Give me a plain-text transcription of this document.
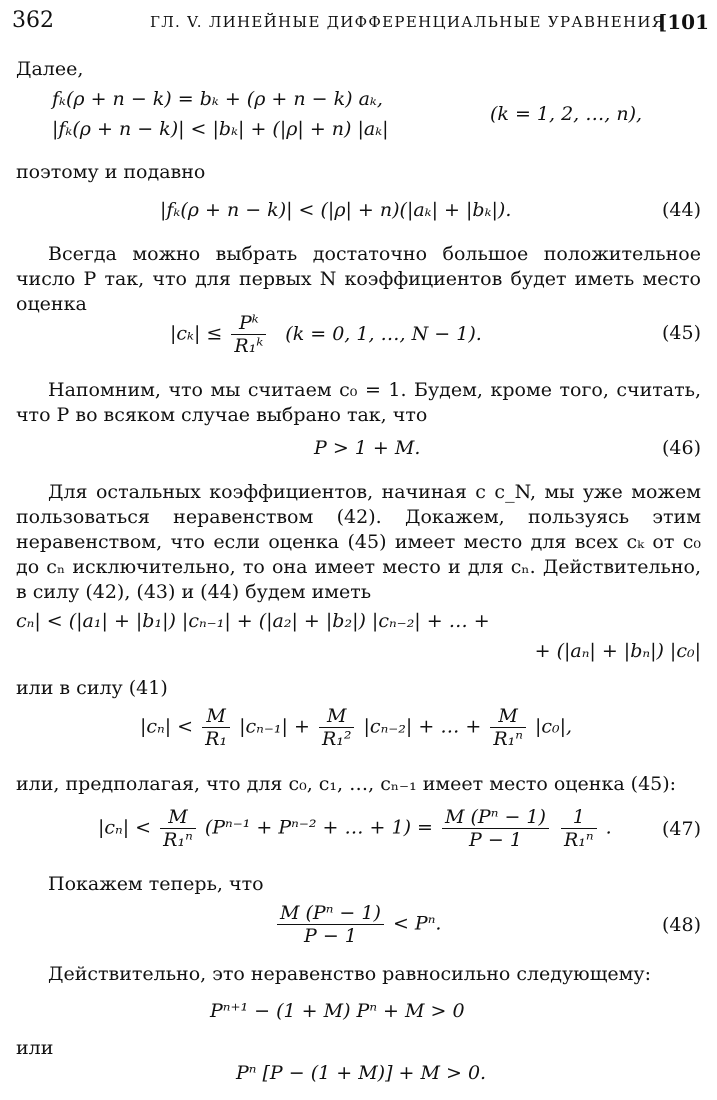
362	ГЛ. V. ЛИНЕЙНЫЕ ДИФФЕРЕНЦИАЛЬНЫЕ УРАВНЕНИЯ
[101
Далее,
fₖ(ρ + n − k) = bₖ + (ρ + n − k) aₖ,
|fₖ(ρ + n − k)| < |bₖ| + (|ρ| + n) |aₖ|
(k = 1, 2, …, n),
поэтому и подавно
|fₖ(ρ + n − k)| < (|ρ| + n)(|aₖ| + |bₖ|).	(44)
Всегда можно выбрать достаточно большое положительное число P так, что для первых N коэффициентов будет иметь место оценка
$|c_k| \le \frac{\text{Pᵏ}}{\text{R₁ᵏ}} (k = 0$, 1, …, N − 1).	(45)
Напомним, что мы считаем c₀ = 1. Будем, кроме того, считать, что P во всяком случае выбрано так, что
P > 1 + M.	(46)
Для остальных коэффициентов, начиная с c_N, мы уже можем пользоваться неравенством (42). Докажем, пользуясь этим неравенством, что если оценка (45) имеет место для всех cₖ от c₀ до cₙ исключительно, то она имеет место и для cₙ. Действительно, в силу (42), (43) и (44) будем иметь
cₙ| < (|a₁| + |b₁|) |cₙ₋₁| + (|a₂| + |b₂|) |cₙ₋₂| + … +
+ (|aₙ| + |bₙ|) |c₀|
или в силу (41)
$|c_n| < \frac{M}{\text{R₁}} |c_{n-1}| + \frac{M}{\text{R₁²}} |c_{n-2}|$ + … + $\frac{M}{\text{R₁ⁿ}} |c_0|$,
или, предполагая, что для c₀, c₁, …, cₙ₋₁ имеет место оценка (45):
$|c_n| < \frac{M}{\text{R₁ⁿ}} (P^{n-1} + P^{n-2}$ + … + $1) = \frac{\text{M (Pⁿ − 1)}}{P - 1}$
$\frac{1}{\text{R₁ⁿ}}$ .	(47)
Покажем теперь, что
$\frac{\text{M (Pⁿ − 1)}}{P - 1} < P^n$.	(48)
Действительно, это неравенство равносильно следующему:
Pⁿ⁺¹ − (1 + M) Pⁿ + M > 0
или
Pⁿ [P − (1 + M)] + M > 0.
